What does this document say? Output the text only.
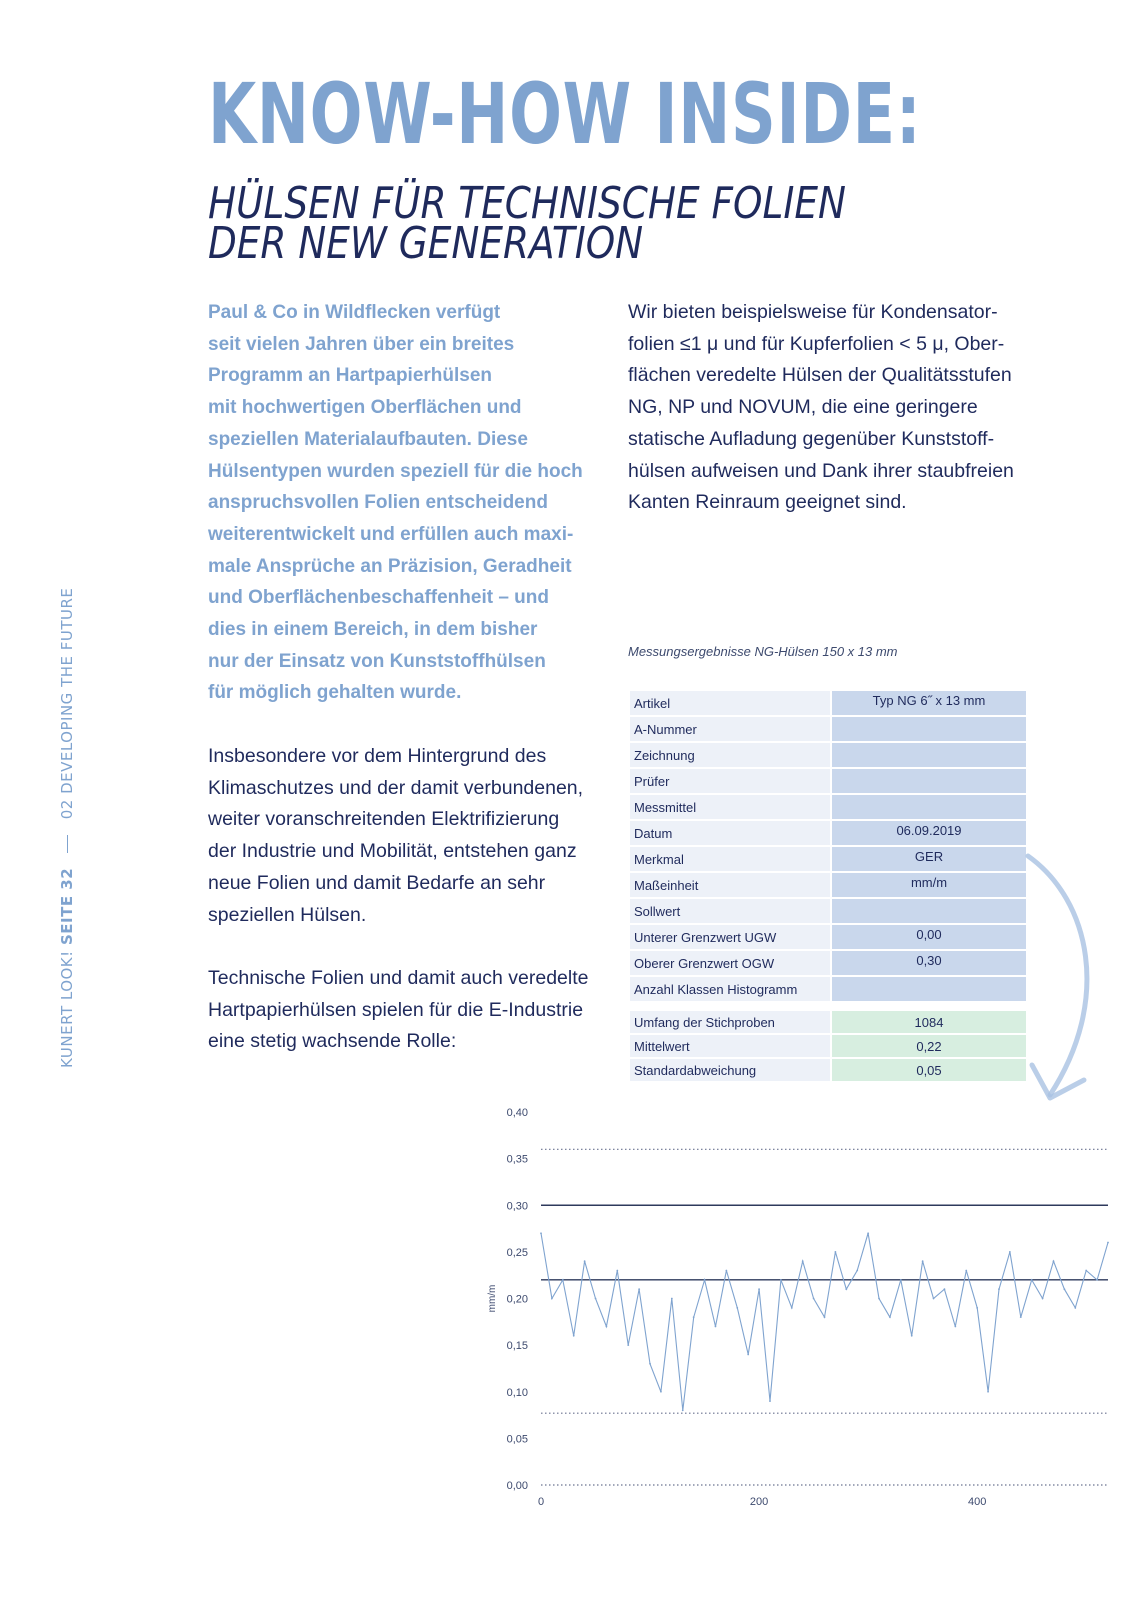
KNOW-HOW INSIDE:
HÜLSEN FÜR TECHNISCHE FOLIEN
DER NEW GENERATION
Paul & Co in Wildflecken verfügt
seit vielen Jahren über ein breites
Programm an Hartpapierhülsen
mit hochwertigen Oberflächen und
speziellen Materialaufbauten. Diese
Hülsentypen wurden speziell für die hoch
anspruchsvollen Folien entscheidend
weiterentwickelt und erfüllen auch maxi-
male Ansprüche an Präzision, Geradheit
und Oberflächenbeschaffenheit – und
dies in einem Bereich, in dem bisher
nur der Einsatz von Kunststoffhülsen
für möglich gehalten wurde.
Insbesondere vor dem Hintergrund des
Klimaschutzes und der damit verbundenen,
weiter voranschreitenden Elektrifizierung
der Industrie und Mobilität, entstehen ganz
neue Folien und damit Bedarfe an sehr
speziellen Hülsen.
Technische Folien und damit auch veredelte
Hartpapierhülsen spielen für die E-Industrie
eine stetig wachsende Rolle:
Wir bieten beispielsweise für Kondensator-
folien ≤1 μ und für Kupferfolien < 5 μ, Ober-
flächen veredelte Hülsen der Qualitätsstufen
NG, NP und NOVUM, die eine geringere
statische Aufladung gegenüber Kunststoff-
hülsen aufweisen und Dank ihrer staubfreien
Kanten Reinraum geeignet sind.
KUNERT LOOK! SEITE 32  02 DEVELOPING THE FUTURE	Messungsergebnisse NG-Hülsen 150 x 13 mm
Artikel	Typ NG 6˝ x 13 mm
A-Nummer	
Zeichnung	
Prüfer	
Messmittel	
Datum	06.09.2019
Merkmal	GER
Maßeinheit	mm/m
Sollwert	
Unterer Grenzwert UGW	0,00
Oberer Grenzwert OGW	0,30
Anzahl Klassen Histogramm	

Umfang der Stichproben	1084
Mittelwert	0,22
Standardabweichung	0,05
0,00
0,05
0,10
0,15
0,20
0,25
0,30
0,35
0,40
0	200	400
mm/m
